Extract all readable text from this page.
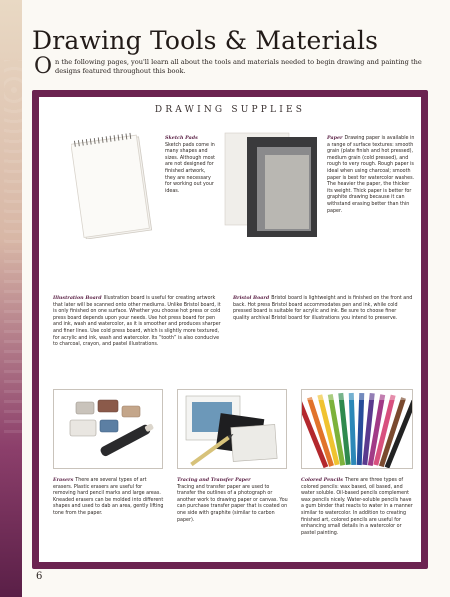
Drawing Tools & Materials

On the following pages, you'll learn all about the tools and materials needed to begin drawing and painting the designs featured throughout this book.

DRAWING SUPPLIES
Sketch Pads
Sketch pads come in many shapes and sizes. Although most are not designed for finished artwork, they are necessary for working out your ideas.
Paper Drawing paper is available in a range of surface textures: smooth grain (plate finish and hot pressed), medium grain (cold pressed), and rough to very rough. Rough paper is ideal when using charcoal; smooth paper is best for watercolor washes. The heavier the paper, the thicker its weight. Thick paper is better for graphite drawing because it can withstand erasing better than thin paper.
Illustration Board Illustration board is useful for creating artwork that later will be scanned onto other mediums. Unlike Bristol board, it is only finished on one surface. Whether you choose hot press or cold press board depends upon your needs. Use hot press board for pen and ink, wash and watercolor, as it is smoother and produces sharper and finer lines. Use cold press board, which is slightly more textured, for acrylic and ink, wash and watercolor. Its “tooth” is also conducive to charcoal, crayon, and pastel illustrations.
Bristol Board Bristol board is lightweight and is finished on the front and back. Hot press Bristol board accommodates pen and ink, while cold pressed board is suitable for acrylic and ink. Be sure to choose finer quality archival Bristol board for illustrations you intend to preserve.
Erasers There are several types of art erasers. Plastic erasers are useful for removing hard pencil marks and large areas. Kneaded erasers can be molded into different shapes and used to dab an area, gently lifting tone from the paper.
Tracing and Transfer Paper
Tracing and transfer paper are used to transfer the outlines of a photograph or another work to drawing paper or canvas. You can purchase transfer paper that is coated on one side with graphite (similar to carbon paper).
Colored Pencils There are three types of colored pencils: wax based, oil based, and water soluble. Oil-based pencils complement wax pencils nicely. Water-soluble pencils have a gum binder that reacts to water in a manner similar to watercolor. In addition to creating finished art, colored pencils are useful for enhancing small details in a watercolor or pastel painting.
6
